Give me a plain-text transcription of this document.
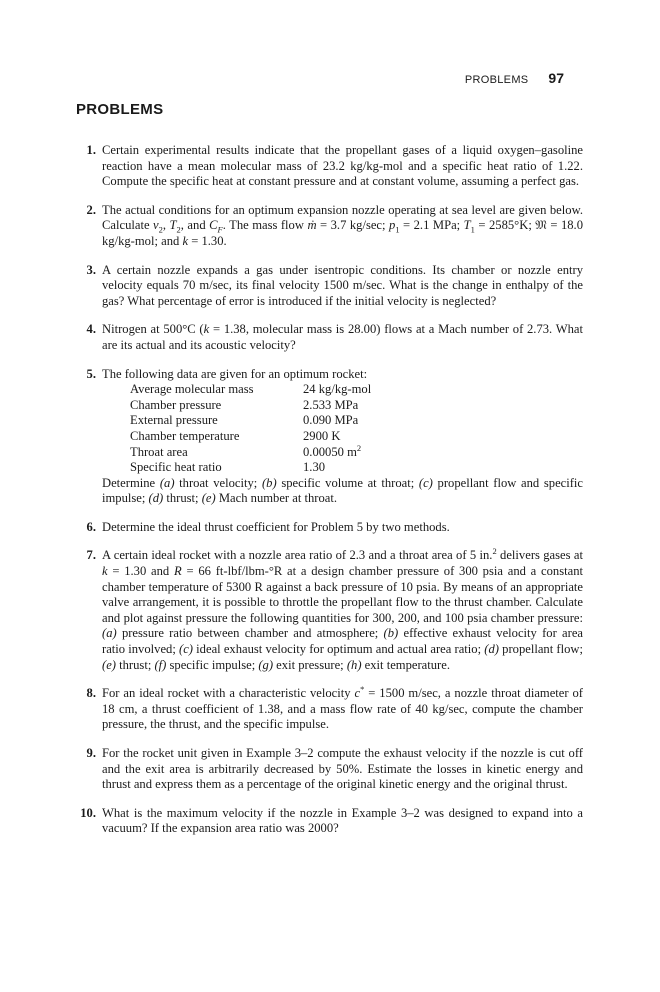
PROBLEMS 97
PROBLEMS
1. Certain experimental results indicate that the propellant gases of a liquid oxygen–gasoline reaction have a mean molecular mass of 23.2 kg/kg-mol and a specific heat ratio of 1.22. Compute the specific heat at constant pressure and at constant volume, assuming a perfect gas.

2. The actual conditions for an optimum expansion nozzle operating at sea level are given below. Calculate $v_2$, $T_2$, and $C_F$. The mass flow ṁ = 3.7 kg/sec; $p_1 = 2.1$ MPa; $T_1 = 2585^\circ K$; 𝔐 = 18.0 kg/kg-mol; and k = 1.30.

3. A certain nozzle expands a gas under isentropic conditions. Its chamber or nozzle entry velocity equals 70 m/sec, its final velocity 1500 m/sec. What is the change in enthalpy of the gas? What percentage of error is introduced if the initial velocity is neglected?

4. Nitrogen at 500°C (k = 1.38, molecular mass is 28.00) flows at a Mach number of 2.73. What are its actual and its acoustic velocity?

5. The following data are given for an optimum rocket:

Average molecular mass	24 kg/kg-mol
Chamber pressure	2.533 MPa
External pressure	0.090 MPa
Chamber temperature	2900 K
Throat area	0.00050 $m^2$
Specific heat ratio	1.30

Determine (a) throat velocity; (b) specific volume at throat; (c) propellant flow and specific impulse; (d) thrust; (e) Mach number at throat.

6. Determine the ideal thrust coefficient for Problem 5 by two methods.

7. A certain ideal rocket with a nozzle area ratio of 2.3 and a throat area of 5 in.$^2$ delivers gases at k = 1.30 and R = 66 ft-lbf/lbm-°R at a design chamber pressure of 300 psia and a constant chamber temperature of 5300 R against a back pressure of 10 psia. By means of an appropriate valve arrangement, it is possible to throttle the propellant flow to the thrust chamber. Calculate and plot against pressure the following quantities for 300, 200, and 100 psia chamber pressure: (a) pressure ratio between chamber and atmosphere; (b) effective exhaust velocity for area ratio involved; (c) ideal exhaust velocity for optimum and actual area ratio; (d) propellant flow; (e) thrust; (f) specific impulse; (g) exit pressure; (h) exit temperature.

8. For an ideal rocket with a characteristic velocity c* = 1500 m/sec, a nozzle throat diameter of 18 cm, a thrust coefficient of 1.38, and a mass flow rate of 40 kg/sec, compute the chamber pressure, the thrust, and the specific impulse.

9. For the rocket unit given in Example 3–2 compute the exhaust velocity if the nozzle is cut off and the exit area is arbitrarily decreased by 50%. Estimate the losses in kinetic energy and thrust and express them as a percentage of the original kinetic energy and the original thrust.

10. What is the maximum velocity if the nozzle in Example 3–2 was designed to expand into a vacuum? If the expansion area ratio was 2000?
